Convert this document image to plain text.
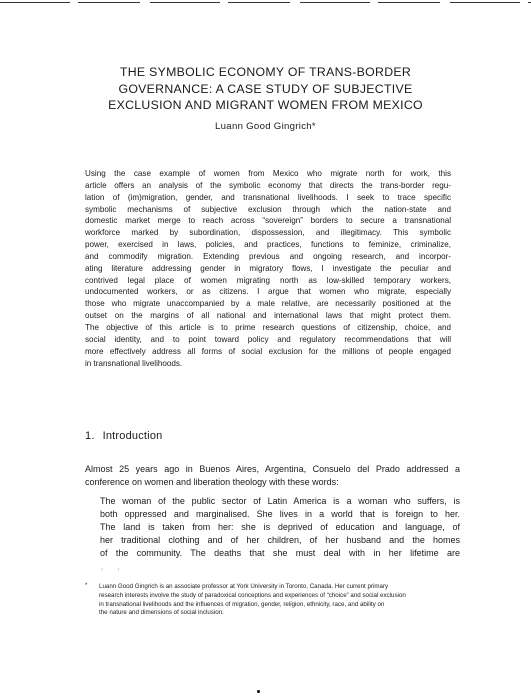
THE SYMBOLIC ECONOMY OF TRANS-BORDER
GOVERNANCE: A CASE STUDY OF SUBJECTIVE
EXCLUSION AND MIGRANT WOMEN FROM MEXICO
Luann Good Gingrich*
Using the case example of women from Mexico who migrate north for work, this
article offers an analysis of the symbolic economy that directs the trans-border regu-
lation of (im)migration, gender, and transnational livelihoods. I seek to trace specific
symbolic mechanisms of subjective exclusion through which the nation-state and
domestic market merge to reach across “sovereign” borders to secure a transnational
workforce marked by subordination, dispossession, and illegitimacy. This symbolic
power, exercised in laws, policies, and practices, functions to feminize, criminalize,
and commodify migration. Extending previous and ongoing research, and incorpor-
ating literature addressing gender in migratory flows, I investigate the peculiar and
contrived legal place of women migrating north as low-skilled temporary workers,
undocumented workers, or as citizens. I argue that women who migrate, especially
those who migrate unaccompanied by a male relative, are necessarily positioned at the
outset on the margins of all national and international laws that might protect them.
The objective of this article is to prime research questions of citizenship, choice, and
social identity, and to point toward policy and regulatory recommendations that will
more effectively address all forms of social exclusion for the millions of people engaged
in transnational livelihoods.
1. Introduction
Almost 25 years ago in Buenos Aires, Argentina, Consuelo del Prado addressed a
conference on women and liberation theology with these words:
The woman of the public sector of Latin America is a woman who suffers, is
both oppressed and marginalised. She lives in a world that is foreign to her.
The land is taken from her: she is deprived of education and language, of
her traditional clothing and of her children, of her husband and the homes
of the community. The deaths that she must deal with in her lifetime are
· ·
* Luann Good Gingrich is an associate professor at York University in Toronto, Canada. Her current primary
research interests involve the study of paradoxical conceptions and experiences of “choice” and social exclusion
in transnational livelihoods and the influences of migration, gender, religion, ethnicity, race, and ability on
the nature and dimensions of social inclusion.
